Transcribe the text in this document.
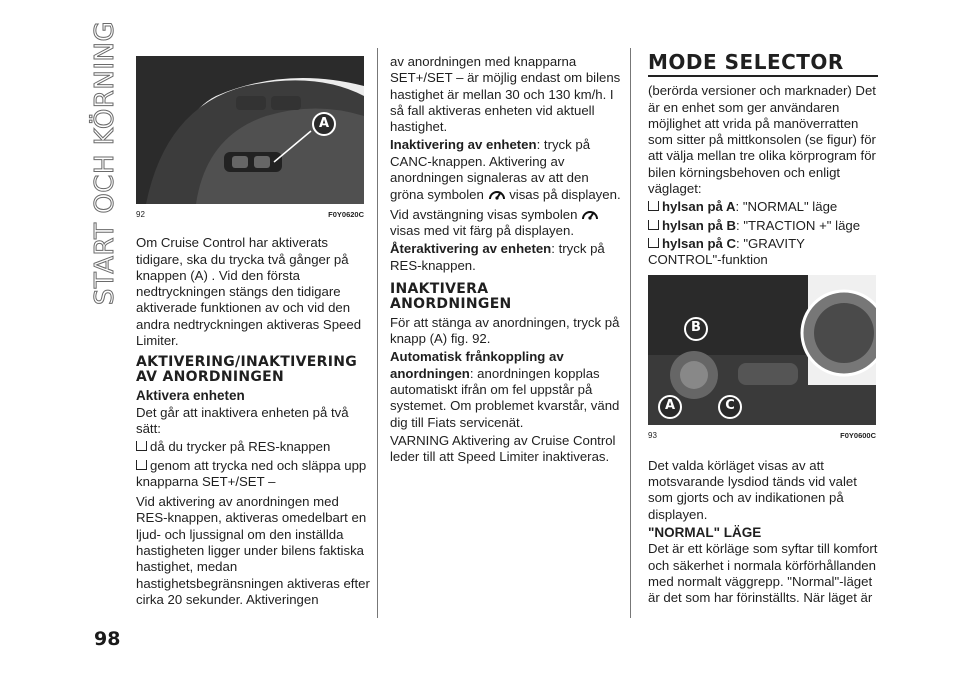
START OCH KÖRNING
98
A
92	F0Y0620C

Om Cruise Control har aktiverats tidigare, ska du trycka två gånger på knappen (A) . Vid den första nedtryckningen stängs den tidigare aktiverade funktionen av och vid den andra nedtryckningen aktiveras Speed Limiter.

AKTIVERING/INAKTIVERING AV ANORDNINGEN
Aktivera enheten

Det går att inaktivera enheten på två sätt:

då du trycker på RES-knappen

genom att trycka ned och släppa upp knapparna SET+/SET –

Vid aktivering av anordningen med RES-knappen, aktiveras omedelbart en ljud- och ljussignal om den inställda hastigheten ligger under bilens faktiska hastighet, medan hastighetsbegränsningen aktiveras efter cirka 20 sekunder. Aktiveringen

av anordningen med knapparna SET+/SET – är möjlig endast om bilens hastighet är mellan 30 och 130 km/h. I så fall aktiveras enheten vid aktuell hastighet.

Inaktivering av enheten: tryck på CANC-knappen. Aktivering av anordningen signaleras av att den gröna symbolen visas på displayen.

Vid avstängning visas symbolen  visas med vit färg på displayen.

Återaktivering av enheten: tryck på RES-knappen.

INAKTIVERA ANORDNINGEN

För att stänga av anordningen, tryck på knapp (A) fig. 92.

Automatisk frånkoppling av anordningen: anordningen kopplas automatiskt ifrån om fel uppstår på systemet. Om problemet kvarstår, vänd dig till Fiats servicenät.

VARNING Aktivering av Cruise Control leder till att Speed Limiter inaktiveras.

MODE SELECTOR

(berörda versioner och marknader) Det är en enhet som ger användaren möjlighet att vrida på manöverratten som sitter på mittkonsolen (se figur) för att välja mellan tre olika körprogram för bilen körningsbehoven och enligt väglaget:

hylsan på A: "NORMAL" läge

hylsan på B: "TRACTION +" läge

hylsan på C: "GRAVITY CONTROL"-funktion

B
A	C
93	F0Y0600C

Det valda körläget visas av att motsvarande lysdiod tänds vid valet som gjorts och av indikationen på displayen.

"NORMAL" LÄGE

Det är ett körläge som syftar till komfort och säkerhet i normala körförhållanden med normalt väggrepp. "Normal"-läget är det som har förinställts. När läget är
